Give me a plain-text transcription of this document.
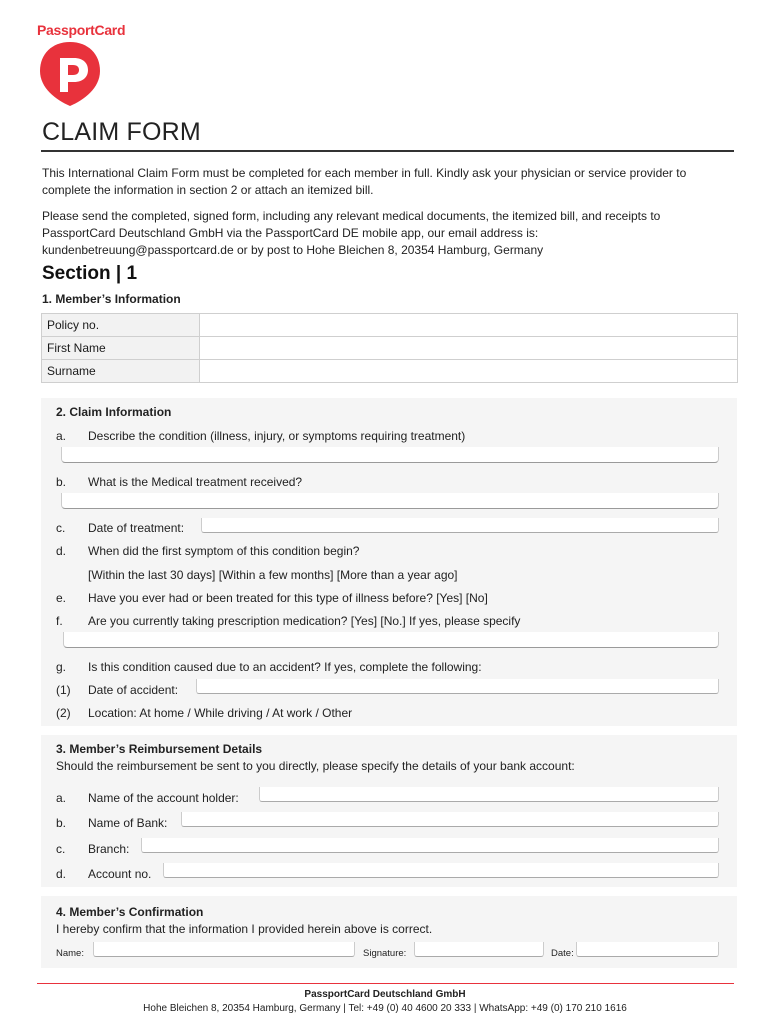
PassportCard
CLAIM FORM
This International Claim Form must be completed for each member in full. Kindly ask your physician or service provider to complete the information in section 2 or attach an itemized bill.
Please send the completed, signed form, including any relevant medical documents, the itemized bill, and receipts to PassportCard Deutschland GmbH via the PassportCard DE mobile app, our email address is: kundenbetreuung@passportcard.de or by post to Hohe Bleichen 8, 20354 Hamburg, Germany
Section | 1
1. Member’s Information
Policy no.	
First Name	
Surname	
2. Claim Information
a. Describe the condition (illness, injury, or symptoms requiring treatment)
b. What is the Medical treatment received?
c. Date of treatment:
d. When did the first symptom of this condition begin?
[Within the last 30 days] [Within a few months] [More than a year ago]
e. Have you ever had or been treated for this type of illness before? [Yes] [No]
f. Are you currently taking prescription medication? [Yes] [No.] If yes, please specify
g. Is this condition caused due to an accident? If yes, complete the following:
(1) Date of accident:
(2) Location: At home / While driving / At work / Other
3. Member’s Reimbursement Details
Should the reimbursement be sent to you directly, please specify the details of your bank account:
a. Name of the account holder:
b. Name of Bank:
c. Branch:
d. Account no.
4. Member’s Confirmation
I hereby confirm that the information I provided herein above is correct.
Name:	Signature:	Date:
PassportCard Deutschland GmbH
Hohe Bleichen 8, 20354 Hamburg, Germany | Tel: +49 (0) 40 4600 20 333 | WhatsApp: +49 (0) 170 210 1616
